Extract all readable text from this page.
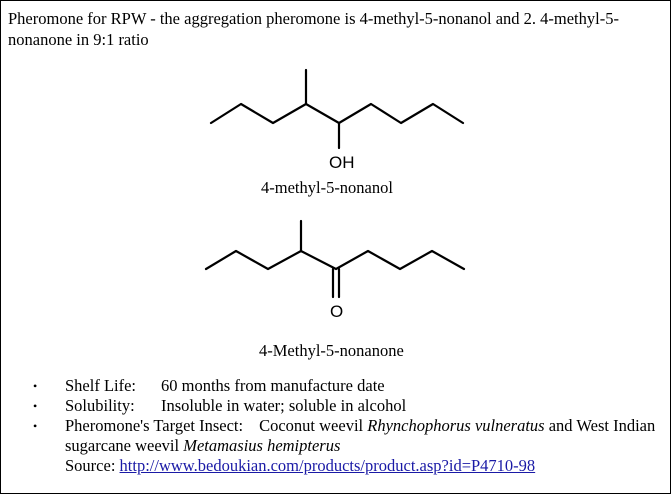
Pheromone for RPW - the aggregation pheromone is 4-methyl-5-nonanol and 2. 4-methyl-5-nonanone in 9:1 ratio
OH
4-methyl-5-nonanol
O
4-Methyl-5-nonanone
•	Shelf Life: 60 months from manufacture date
•	Solubility: Insoluble in water; soluble in alcohol
•	Pheromone's Target Insect: Coconut weevil Rhynchophorus vulneratus and West Indian sugarcane weevil Metamasius hemipterus
Source: http://www.bedoukian.com/products/product.asp?id=P4710-98
